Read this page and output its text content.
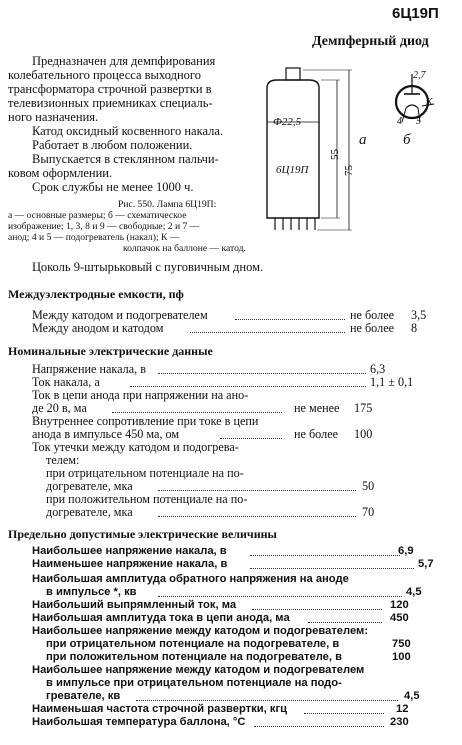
6Ц19П
Демпферный диод
Предназначен для демпфирования
колебательного процесса выходного
трансформатора строчной развертки в
телевизионных приемниках специаль-
ного назначения.
Катод оксидный косвенного накала.
Работает в любом положении.
Выпускается в стеклянном пальчи-
ковом оформлении.
Срок службы не менее 1000 ч.
Ф22,5
6Ц19П
55
75
а
2,7
К
4 5
б
Рис. 550. Лампа 6Ц19П:
а — основные размеры; б — схематическое
изображение; 1, 3, 8 и 9 — свободные; 2 и 7 —
анод; 4 и 5 — подогреватель (накал); К —
колпачок на баллоне — катод.
Цоколь 9-штырьковый с пуговичным дном.
Междуэлектродные емкости, пф
Между катодом и подогревателем	не более 3,5
Между анодом и катодом	не более 8
Номинальные электрические данные
Напряжение накала, в	6,3
Ток накала, а	1,1 ± 0,1
Ток в цепи анода при напряжении на ано-
де 20 в, ма	не менее 175
Внутреннее сопротивление при токе в цепи
анода в импульсе 450 ма, ом	не более 100
Ток утечки между катодом и подогрева-
телем:
при отрицательном потенциале на по-
догревателе, мка	50
при положительном потенциале на по-
догревателе, мка	70
Предельно допустимые электрические величины
Наибольшее напряжение накала, в	6,9
Наименьшее напряжение накала, в	5,7
Наибольшая амплитуда обратного напряжения на аноде
в импульсе *, кв	4,5
Наибольший выпрямленный ток, ма	120
Наибольшая амплитуда тока в цепи анода, ма	450
Наибольшее напряжение между катодом и подогревателем:
при отрицательном потенциале на подогревателе, в	750
при положительном потенциале на подогревателе, в	100
Наибольшее напряжение между катодом и подогревателем
в импульсе при отрицательном потенциале на подо-
гревателе, кв	4,5
Наименьшая частота строчной развертки, кгц	12
Наибольшая температура баллона, °С	230
